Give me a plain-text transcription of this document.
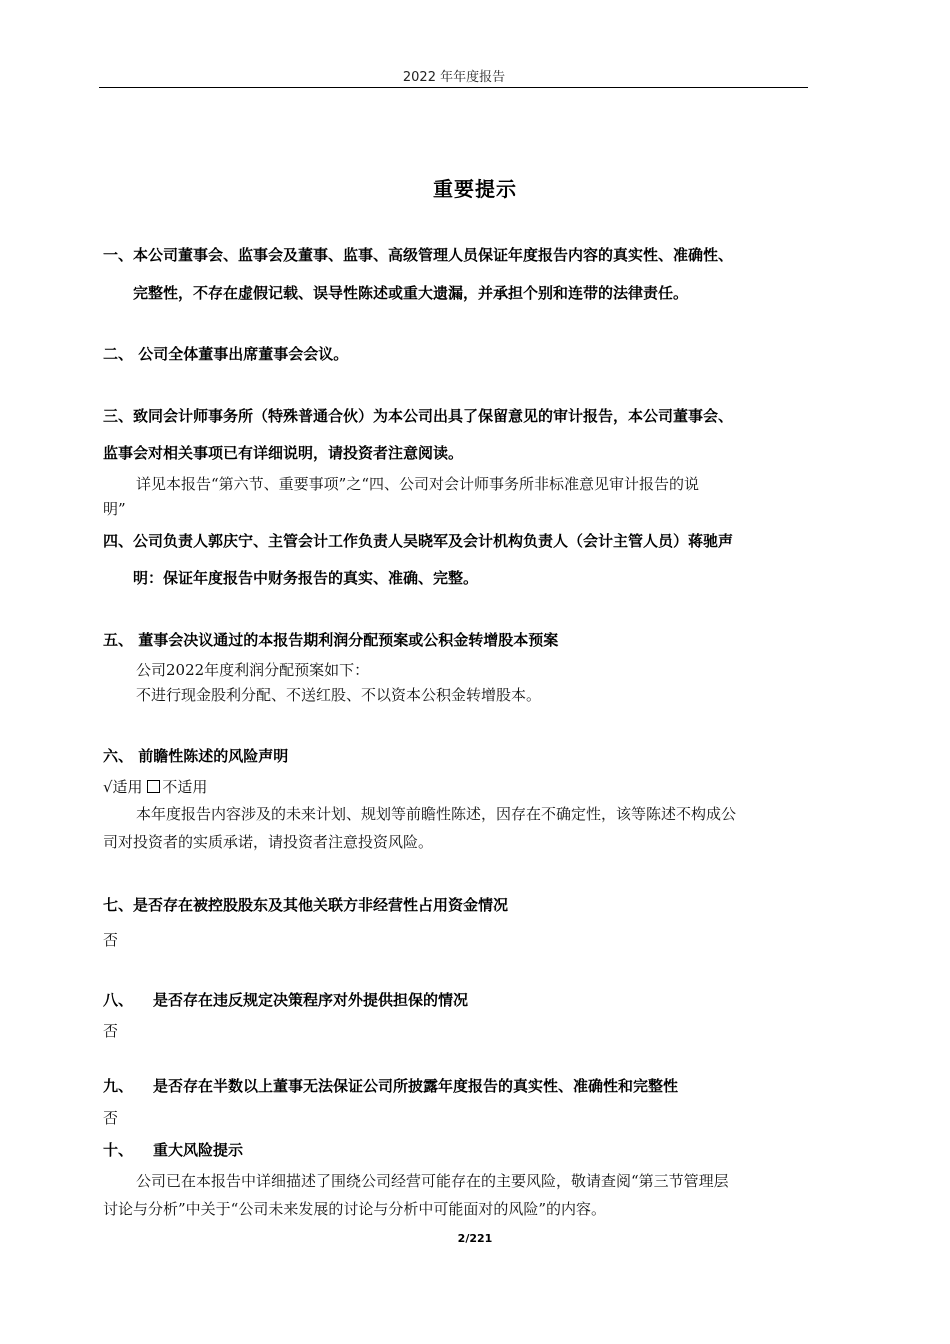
2022 年年度报告
重要提示
一、本公司董事会、监事会及董事、监事、高级管理人员保证年度报告内容的真实性、准确性、
完整性，不存在虚假记载、误导性陈述或重大遗漏，并承担个别和连带的法律责任。
二、 公司全体董事出席董事会会议。
三、致同会计师事务所（特殊普通合伙）为本公司出具了保留意见的审计报告，本公司董事会、
监事会对相关事项已有详细说明，请投资者注意阅读。
详见本报告“第六节、重要事项”之“四、公司对会计师事务所非标准意见审计报告的说
明”
四、公司负责人郭庆宁、主管会计工作负责人吴晓军及会计机构负责人（会计主管人员）蒋驰声
明：保证年度报告中财务报告的真实、准确、完整。
五、 董事会决议通过的本报告期利润分配预案或公积金转增股本预案
公司2022年度利润分配预案如下：
不进行现金股利分配、不送红股、不以资本公积金转增股本。
六、 前瞻性陈述的风险声明
√适用 不适用
本年度报告内容涉及的未来计划、规划等前瞻性陈述，因存在不确定性，该等陈述不构成公
司对投资者的实质承诺，请投资者注意投资风险。
七、是否存在被控股股东及其他关联方非经营性占用资金情况
否
八、 是否存在违反规定决策程序对外提供担保的情况
否
九、 是否存在半数以上董事无法保证公司所披露年度报告的真实性、准确性和完整性
否
十、 重大风险提示
公司已在本报告中详细描述了围绕公司经营可能存在的主要风险，敬请查阅“第三节管理层
讨论与分析”中关于“公司未来发展的讨论与分析中可能面对的风险”的内容。
2/221
